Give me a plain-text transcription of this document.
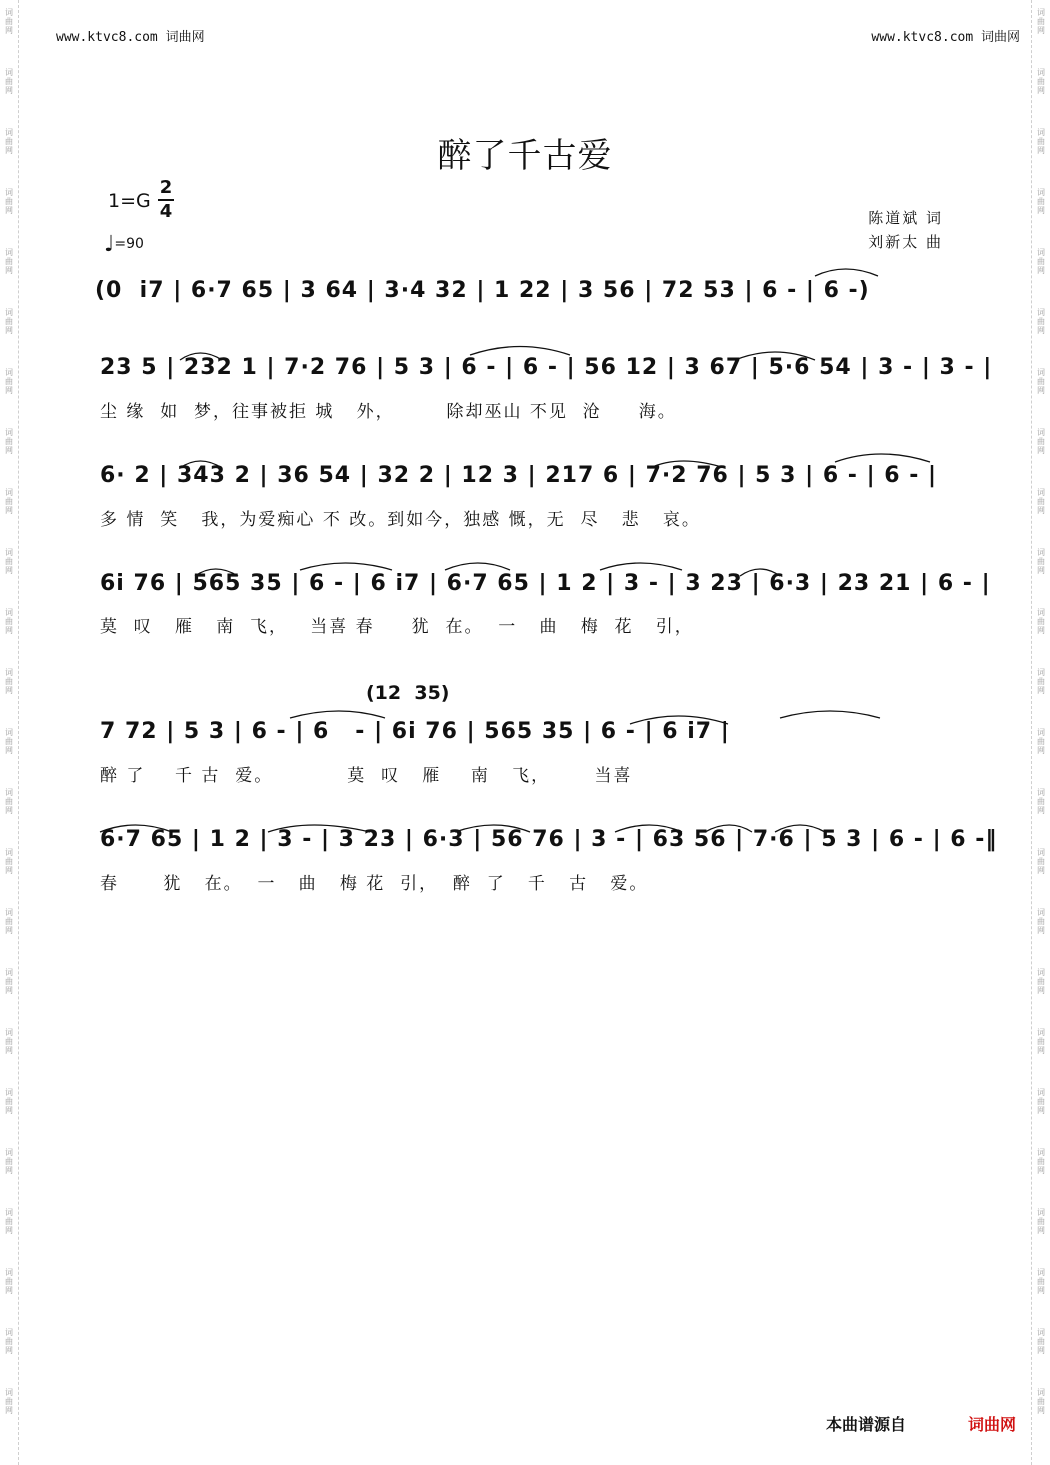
词
曲
网
词
曲
网
词
曲
网
词
曲
网
词
曲
网
词
曲
网
词
曲
网
词
曲
网
词
曲
网
词
曲
网
词
曲
网
词
曲
网
词
曲
网
词
曲
网
词
曲
网
词
曲
网
词
曲
网
词
曲
网
词
曲
网
词
曲
网
词
曲
网
词
曲
网
词
曲
网
词
曲
网
词
曲
网
词
曲
网
词
曲
网
词
曲
网
词
曲
网
词
曲
网
词
曲
网
词
曲
网
词
曲
网
词
曲
网
词
曲
网
词
曲
网
词
曲
网
词
曲
网
词
曲
网
词
曲
网
词
曲
网
词
曲
网
词
曲
网
词
曲
网
词
曲
网
词
曲
网
词
曲
网
词
曲
网
www.ktvc8.com 词曲网	www.ktvc8.com 词曲网
醉了千古爱
1=G
2
4
♩=90
陈道斌 词
刘新太 曲
(0  i7 | 6·7 65 | 3 64 | 3·4 32 | 1 22 | 3 56 | 72 53 | 6 - | 6 -)
23 5 | 232 1 | 7·2 76 | 5 3 | 6 - | 6 - | 56 12 | 3 67 | 5·6 54 | 3 - | 3 - |
尘 缘  如  梦，往事被拒 城   外，       除却巫山 不见  沧     海。
6· 2 | 343 2 | 36 54 | 32 2 | 12 3 | 217 6 | 7·2 76 | 5 3 | 6 - | 6 - |
多 情  笑   我，为爱痴心 不 改。到如今，独感 慨，无  尽   悲   哀。
6i 76 | 565 35 | 6 - | 6 i7 | 6·7 65 | 1 2 | 3 - | 3 23 | 6·3 | 23 21 | 6 - |
莫  叹   雁   南  飞，   当喜 春     犹  在。  一   曲   梅  花   引，
(12  35)
7 72 | 5 3 | 6 - | 6   - | 6i 76 | 565 35 | 6 - | 6 i7 |
醉 了    千 古  爱。          莫  叹   雁    南   飞，      当喜
6·7 65 | 1 2 | 3 - | 3 23 | 6·3 | 56 76 | 3 - | 63 56 | 7·6 | 5 3 | 6 - | 6 -‖
春      犹   在。  一   曲   梅 花  引，  醉  了   千   古   爱。
本曲谱源自	词曲网
